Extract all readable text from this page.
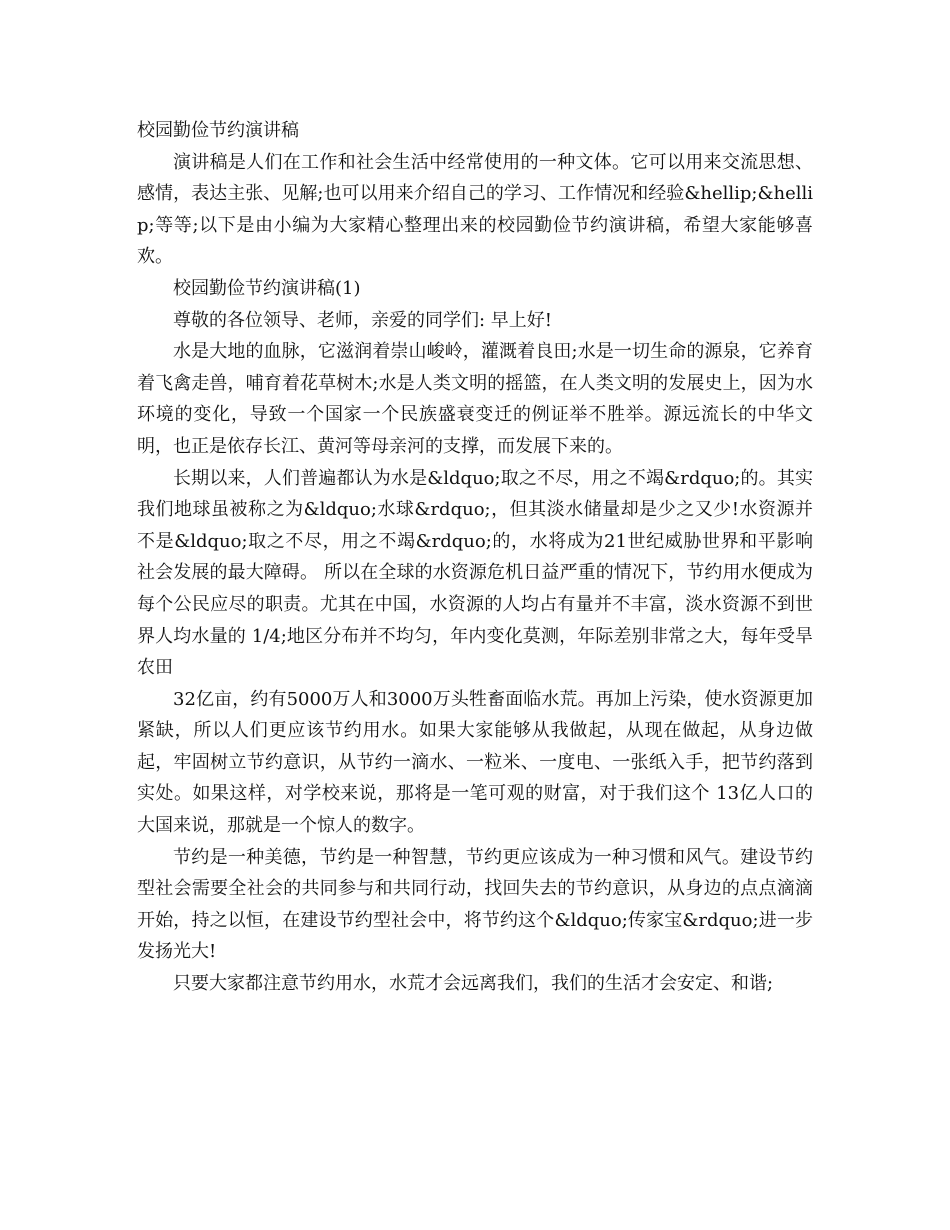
校园勤俭节约演讲稿

演讲稿是人们在工作和社会生活中经常使用的一种文体。它可以用来交流思想、感情，表达主张、见解;也可以用来介绍自己的学习、工作情况和经验&hellip;&hellip;等等;以下是由小编为大家精心整理出来的校园勤俭节约演讲稿，希望大家能够喜欢。

校园勤俭节约演讲稿(1)

尊敬的各位领导、老师，亲爱的同学们: 早上好!

水是大地的血脉，它滋润着崇山峻岭，灌溉着良田;水是一切生命的源泉，它养育着飞禽走兽，哺育着花草树木;水是人类文明的摇篮，在人类文明的发展史上，因为水环境的变化，导致一个国家一个民族盛衰变迁的例证举不胜举。源远流长的中华文明，也正是依存长江、黄河等母亲河的支撑，而发展下来的。

长期以来，人们普遍都认为水是&ldquo;取之不尽，用之不竭&rdquo;的。其实我们地球虽被称之为&ldquo;水球&rdquo;，但其淡水储量却是少之又少!水资源并不是&ldquo;取之不尽，用之不竭&rdquo;的，水将成为21世纪威胁世界和平影响社会发展的最大障碍。 所以在全球的水资源危机日益严重的情况下，节约用水便成为每个公民应尽的职责。尤其在中国，水资源的人均占有量并不丰富，淡水资源不到世界人均水量的 1/4;地区分布并不均匀，年内变化莫测，年际差别非常之大，每年受旱农田

32亿亩，约有5000万人和3000万头牲畜面临水荒。再加上污染，使水资源更加紧缺，所以人们更应该节约用水。如果大家能够从我做起，从现在做起，从身边做起，牢固树立节约意识，从节约一滴水、一粒米、一度电、一张纸入手，把节约落到实处。如果这样，对学校来说，那将是一笔可观的财富，对于我们这个 13亿人口的大国来说，那就是一个惊人的数字。

节约是一种美德，节约是一种智慧，节约更应该成为一种习惯和风气。建设节约型社会需要全社会的共同参与和共同行动，找回失去的节约意识，从身边的点点滴滴开始，持之以恒，在建设节约型社会中，将节约这个&ldquo;传家宝&rdquo;进一步发扬光大!

只要大家都注意节约用水，水荒才会远离我们，我们的生活才会安定、和谐;
